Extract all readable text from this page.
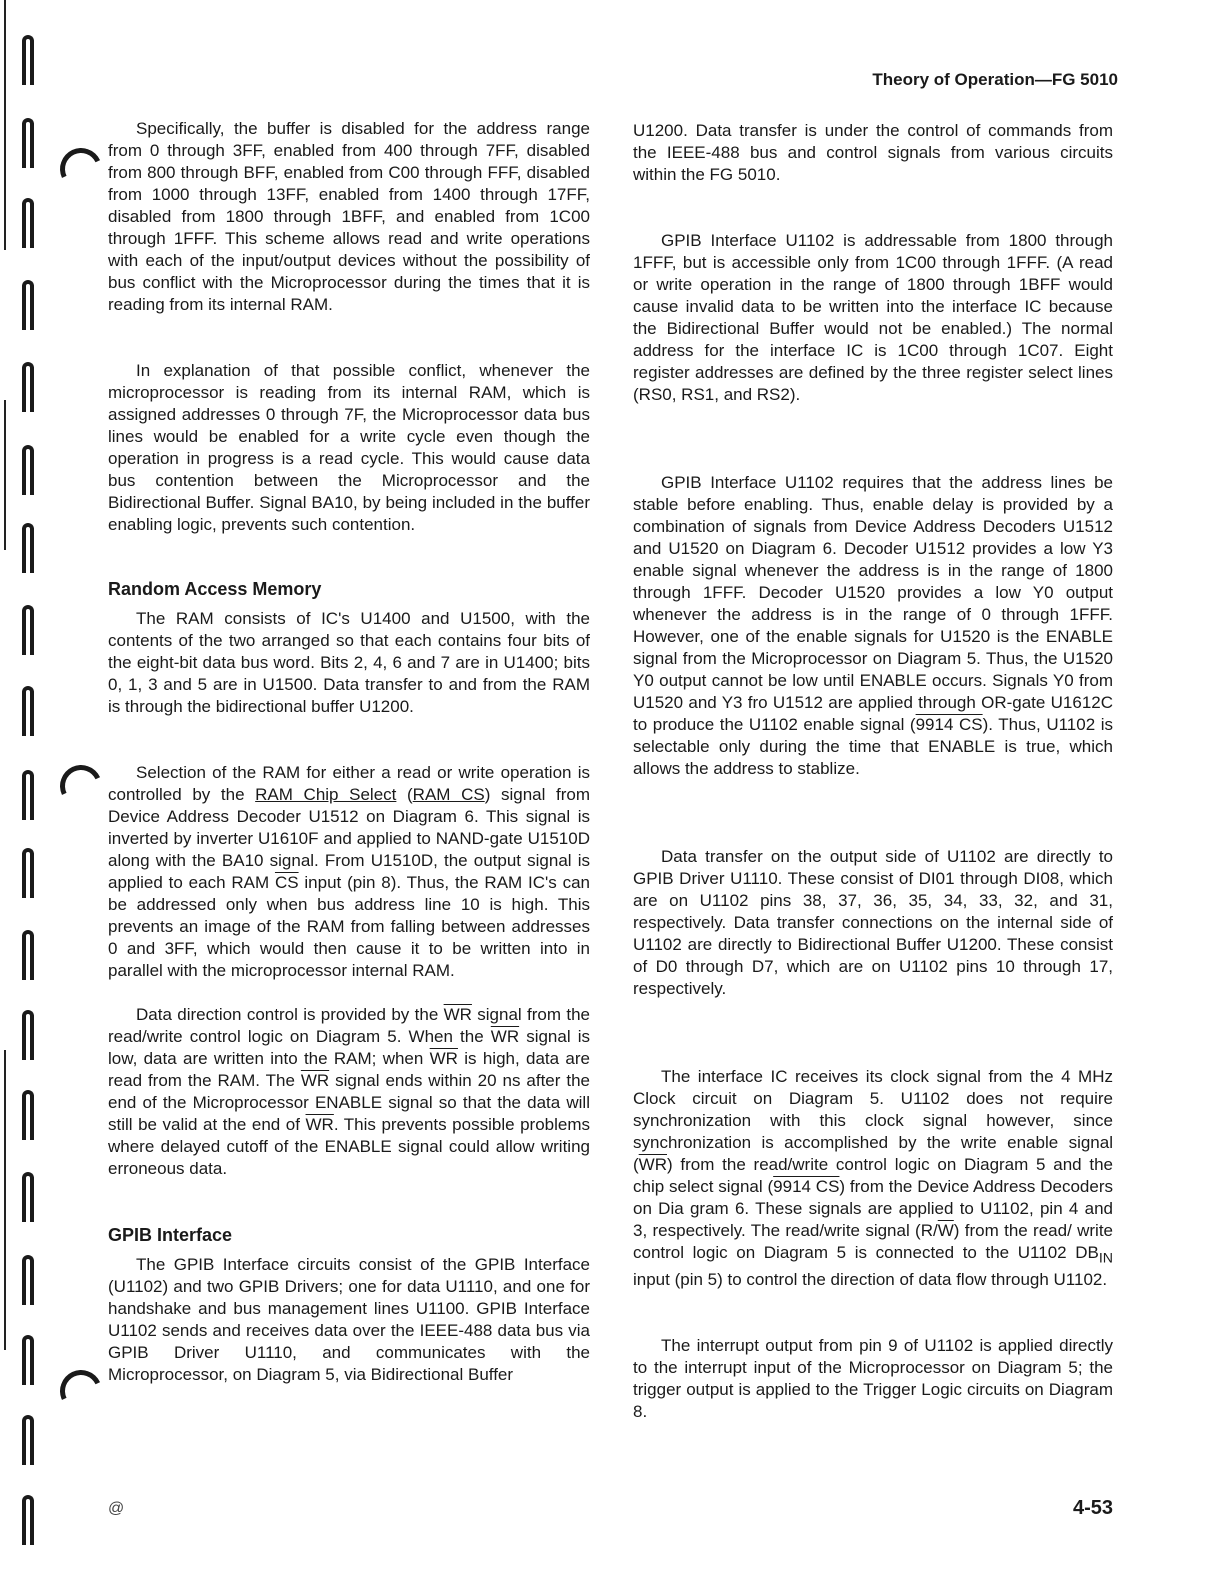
Theory of Operation—FG 5010

Specifically, the buffer is disabled for the address range from 0 through 3FF, enabled from 400 through 7FF, disabled from 800 through BFF, enabled from C00 through FFF, disabled from 1000 through 13FF, enabled from 1400 through 17FF, disabled from 1800 through 1BFF, and enabled from 1C00 through 1FFF. This scheme allows read and write operations with each of the input/output devices without the possibility of bus conflict with the Microprocessor during the times that it is reading from its internal RAM.

In explanation of that possible conflict, whenever the microprocessor is reading from its internal RAM, which is assigned addresses 0 through 7F, the Microprocessor data bus lines would be enabled for a write cycle even though the operation in progress is a read cycle. This would cause data bus contention between the Microprocessor and the Bidirectional Buffer. Signal BA10, by being included in the buffer enabling logic, prevents such contention.

Random Access Memory

The RAM consists of IC's U1400 and U1500, with the contents of the two arranged so that each contains four bits of the eight-bit data bus word. Bits 2, 4, 6 and 7 are in U1400; bits 0, 1, 3 and 5 are in U1500. Data transfer to and from the RAM is through the bidirectional buffer U1200.

Selection of the RAM for either a read or write operation is controlled by the RAM Chip Select (RAM CS) signal from Device Address Decoder U1512 on Diagram 6. This signal is inverted by inverter U1610F and applied to NAND-gate U1510D along with the BA10 signal. From U1510D, the output signal is applied to each RAM $\overline{CS}$ input (pin 8). Thus, the RAM IC's can be addressed only when bus address line 10 is high. This prevents an image of the RAM from falling between addresses 0 and 3FF, which would then cause it to be written into in parallel with the microprocessor internal RAM.

Data direction control is provided by the $\overline{WR}$ signal from the read/write control logic on Diagram 5. When the $\overline{WR}$ signal is low, data are written into the RAM; when $\overline{WR}$ is high, data are read from the RAM. The $\overline{WR}$ signal ends within 20 ns after the end of the Microprocessor ENABLE signal so that the data will still be valid at the end of $\overline{WR}$. This prevents possible problems where delayed cutoff of the ENABLE signal could allow writing erroneous data.

GPIB Interface

The GPIB Interface circuits consist of the GPIB Interface (U1102) and two GPIB Drivers; one for data U1110, and one for handshake and bus management lines U1100. GPIB Interface U1102 sends and receives data over the IEEE-488 data bus via GPIB Driver U1110, and communicates with the Microprocessor, on Diagram 5, via Bidirectional Buffer

U1200. Data transfer is under the control of commands from the IEEE-488 bus and control signals from various circuits within the FG 5010.

GPIB Interface U1102 is addressable from 1800 through 1FFF, but is accessible only from 1C00 through 1FFF. (A read or write operation in the range of 1800 through 1BFF would cause invalid data to be written into the interface IC because the Bidirectional Buffer would not be enabled.) The normal address for the interface IC is 1C00 through 1C07. Eight register addresses are defined by the three register select lines (RS0, RS1, and RS2).

GPIB Interface U1102 requires that the address lines be stable before enabling. Thus, enable delay is provided by a combination of signals from Device Address Decoders U1512 and U1520 on Diagram 6. Decoder U1512 provides a low Y3 enable signal whenever the address is in the range of 1800 through 1FFF. Decoder U1520 provides a low Y0 output whenever the address is in the range of 0 through 1FFF. However, one of the enable signals for U1520 is the ENABLE signal from the Microprocessor on Diagram 5. Thus, the U1520 Y0 output cannot be low until ENABLE occurs. Signals Y0 from U1520 and Y3 fro U1512 are applied through OR-gate U1612C to produce the U1102 enable signal (9914 CS). Thus, U1102 is selectable only during the time that ENABLE is true, which allows the address to stablize.

Data transfer on the output side of U1102 are directly to GPIB Driver U1110. These consist of DI01 through DI08, which are on U1102 pins 38, 37, 36, 35, 34, 33, 32, and 31, respectively. Data transfer connections on the internal side of U1102 are directly to Bidirectional Buffer U1200. These consist of D0 through D7, which are on U1102 pins 10 through 17, respectively.

The interface IC receives its clock signal from the 4 MHz Clock circuit on Diagram 5. U1102 does not require synchronization with this clock signal however, since synchronization is accomplished by the write enable signal $(\overline{WR})$ from the read/write control logic on Diagram 5 and the chip select signal (9914 CS) from the Device Address Decoders on Dia gram 6. These signals are applied to U1102, pin 4 and 3, respectively. The read/write signal $(R/\overline{W})$ from the read/ write control logic on Diagram 5 is connected to the U1102 $DB_{IN}$ input (pin 5) to control the direction of data flow through U1102.

The interrupt output from pin 9 of U1102 is applied directly to the interrupt input of the Microprocessor on Diagram 5; the trigger output is applied to the Trigger Logic circuits on Diagram 8.

@	4-53
